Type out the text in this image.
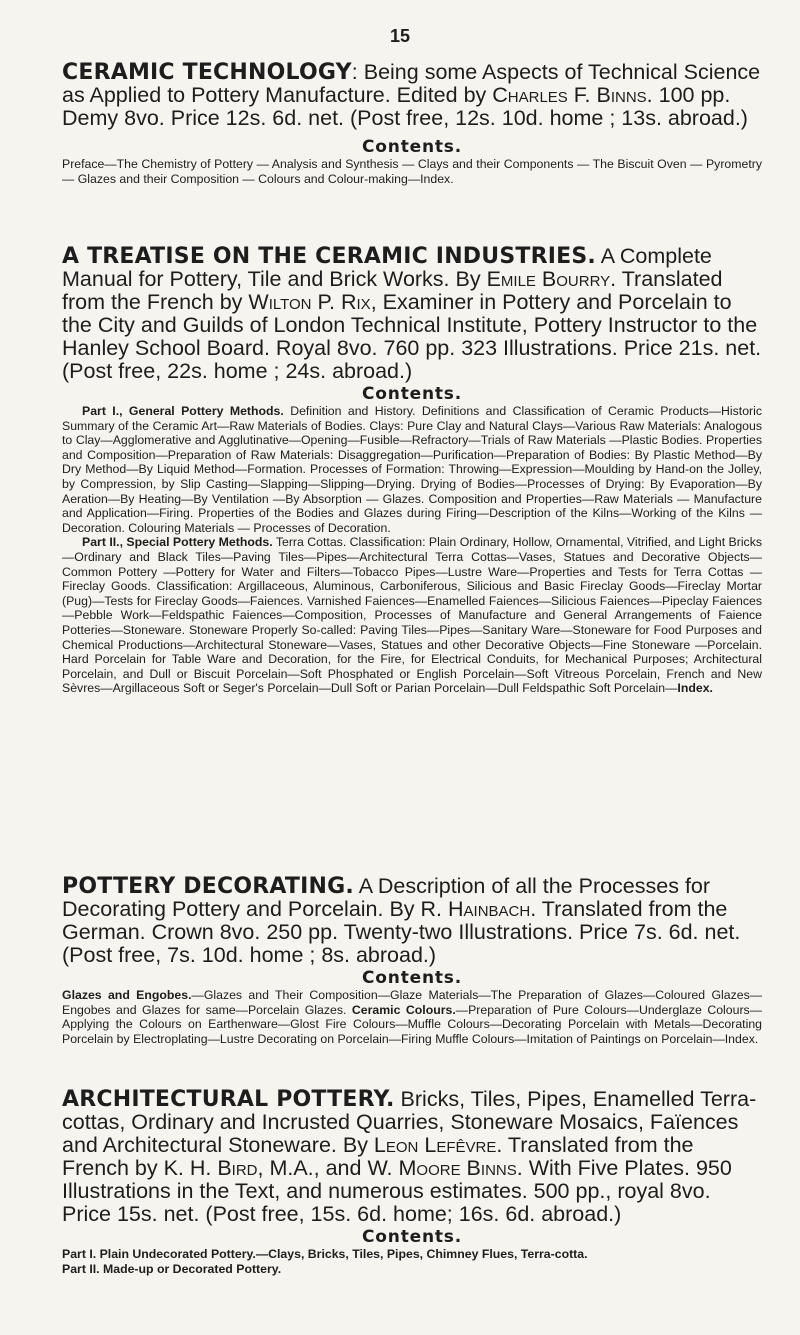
15

CERAMIC TECHNOLOGY: Being some Aspects of Technical Science as Applied to Pottery Manufacture. Edited by Charles F. Binns. 100 pp. Demy 8vo. Price 12s. 6d. net. (Post free, 12s. 10d. home ; 13s. abroad.)

Contents.

Preface—The Chemistry of Pottery — Analysis and Synthesis — Clays and their Components — The Biscuit Oven — Pyrometry — Glazes and their Composition — Colours and Colour-making—Index.

A TREATISE ON THE CERAMIC INDUSTRIES. A Complete Manual for Pottery, Tile and Brick Works. By Emile Bourry. Translated from the French by Wilton P. Rix, Examiner in Pottery and Porcelain to the City and Guilds of London Technical Institute, Pottery Instructor to the Hanley School Board. Royal 8vo. 760 pp. 323 Illustrations. Price 21s. net. (Post free, 22s. home ; 24s. abroad.)

Contents.

Part I., General Pottery Methods. Definition and History. Definitions and Classification of Ceramic Products—Historic Summary of the Ceramic Art—Raw Materials of Bodies. Clays: Pure Clay and Natural Clays—Various Raw Materials: Analogous to Clay—Agglomerative and Agglutinative—Opening—Fusible—Refractory—Trials of Raw Materials —Plastic Bodies. Properties and Composition—Preparation of Raw Materials: Disaggregation—Purification—Preparation of Bodies: By Plastic Method—By Dry Method—By Liquid Method—Formation. Processes of Formation: Throwing—Expression—Moulding by Hand-on the Jolley, by Compression, by Slip Casting—Slapping—Slipping—Drying. Drying of Bodies—Processes of Drying: By Evaporation—By Aeration—By Heating—By Ventilation —By Absorption — Glazes. Composition and Properties—Raw Materials — Manufacture and Application—Firing. Properties of the Bodies and Glazes during Firing—Description of the Kilns—Working of the Kilns — Decoration. Colouring Materials — Processes of Decoration.

Part II., Special Pottery Methods. Terra Cottas. Classification: Plain Ordinary, Hollow, Ornamental, Vitrified, and Light Bricks—Ordinary and Black Tiles—Paving Tiles—Pipes—Architectural Terra Cottas—Vases, Statues and Decorative Objects—Common Pottery —Pottery for Water and Filters—Tobacco Pipes—Lustre Ware—Properties and Tests for Terra Cottas — Fireclay Goods. Classification: Argillaceous, Aluminous, Carboniferous, Silicious and Basic Fireclay Goods—Fireclay Mortar (Pug)—Tests for Fireclay Goods—Faiences. Varnished Faiences—Enamelled Faiences—Silicious Faiences—Pipeclay Faiences —Pebble Work—Feldspathic Faiences—Composition, Processes of Manufacture and General Arrangements of Faience Potteries—Stoneware. Stoneware Properly So-called: Paving Tiles—Pipes—Sanitary Ware—Stoneware for Food Purposes and Chemical Productions—Architectural Stoneware—Vases, Statues and other Decorative Objects—Fine Stoneware —Porcelain. Hard Porcelain for Table Ware and Decoration, for the Fire, for Electrical Conduits, for Mechanical Purposes; Architectural Porcelain, and Dull or Biscuit Porcelain—Soft Phosphated or English Porcelain—Soft Vitreous Porcelain, French and New Sèvres—Argillaceous Soft or Seger's Porcelain—Dull Soft or Parian Porcelain—Dull Feldspathic Soft Porcelain—Index.

POTTERY DECORATING. A Description of all the Processes for Decorating Pottery and Porcelain. By R. Hainbach. Translated from the German. Crown 8vo. 250 pp. Twenty-two Illustrations. Price 7s. 6d. net. (Post free, 7s. 10d. home ; 8s. abroad.)

Contents.

Glazes and Engobes.—Glazes and Their Composition—Glaze Materials—The Preparation of Glazes—Coloured Glazes—Engobes and Glazes for same—Porcelain Glazes. Ceramic Colours.—Preparation of Pure Colours—Underglaze Colours—Applying the Colours on Earthenware—Glost Fire Colours—Muffle Colours—Decorating Porcelain with Metals—Decorating Porcelain by Electroplating—Lustre Decorating on Porcelain—Firing Muffle Colours—Imitation of Paintings on Porcelain—Index.

ARCHITECTURAL POTTERY. Bricks, Tiles, Pipes, Enamelled Terra-cottas, Ordinary and Incrusted Quarries, Stoneware Mosaics, Faïences and Architectural Stoneware. By Leon Lefêvre. Translated from the French by K. H. Bird, M.A., and W. Moore Binns. With Five Plates. 950 Illustrations in the Text, and numerous estimates. 500 pp., royal 8vo. Price 15s. net. (Post free, 15s. 6d. home; 16s. 6d. abroad.)

Contents.

Part I. Plain Undecorated Pottery.—Clays, Bricks, Tiles, Pipes, Chimney Flues, Terra-cotta.

Part II. Made-up or Decorated Pottery.
